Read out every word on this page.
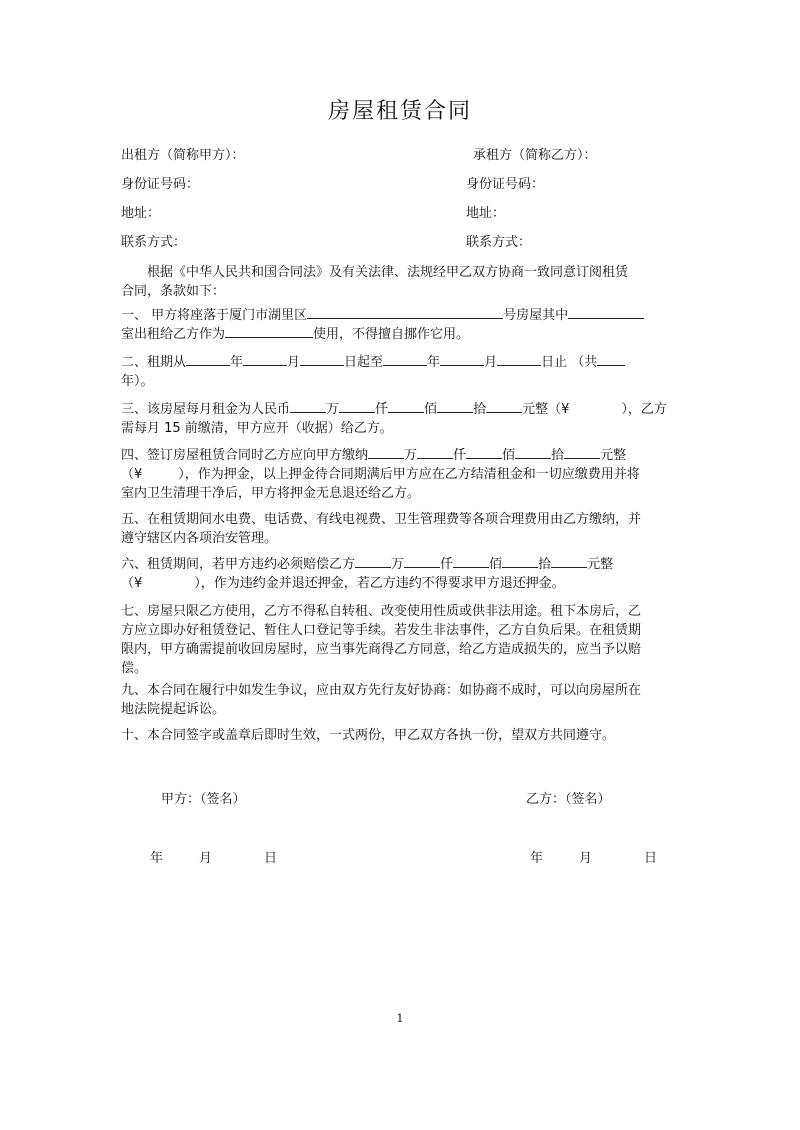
房屋租赁合同
出租方（简称甲方）：	承租方（简称乙方）：
身份证号码：	身份证号码：
地址：	地址：
联系方式：	联系方式：
根据《中华人民共和国合同法》及有关法律、法规经甲乙双方协商一致同意订阅租赁
合同，条款如下：
一、 甲方将座落于厦门市湖里区	号房屋其中
室出租给乙方作为	使用，不得擅自挪作它用。
二、租期从	年	月	日起至	年	月	日止 （共
年）。
三、该房屋每月租金为人民币	万	仟	佰	拾	元整（¥	），乙方
需每月 15 前缴清，甲方应开（收据）给乙方。
四、签订房屋租赁合同时乙方应向甲方缴纳	万	仟	佰	拾	元整
（¥	），作为押金，以上押金待合同期满后甲方应在乙方结清租金和一切应缴费用并将
室内卫生清理干净后，甲方将押金无息退还给乙方。
五、在租赁期间水电费、电话费、有线电视费、卫生管理费等各项合理费用由乙方缴纳，并
遵守辖区内各项治安管理。
六、租赁期间，若甲方违约必须赔偿乙方	万	仟	佰	拾	元整
（¥	），作为违约金并退还押金，若乙方违约不得要求甲方退还押金。
七、房屋只限乙方使用，乙方不得私自转租、改变使用性质或供非法用途。租下本房后，乙
方应立即办好租赁登记、暂住人口登记等手续。若发生非法事件，乙方自负后果。在租赁期
限内，甲方确需提前收回房屋时，应当事先商得乙方同意，给乙方造成损失的，应当予以赔
偿。
九、本合同在履行中如发生争议，应由双方先行友好协商：如协商不成时，可以向房屋所在
地法院提起诉讼。
十、本合同签字或盖章后即时生效，一式两份，甲乙双方各执一份，望双方共同遵守。
甲方：（签名）	乙方：（签名）
年	月	日	年	月	日
1
